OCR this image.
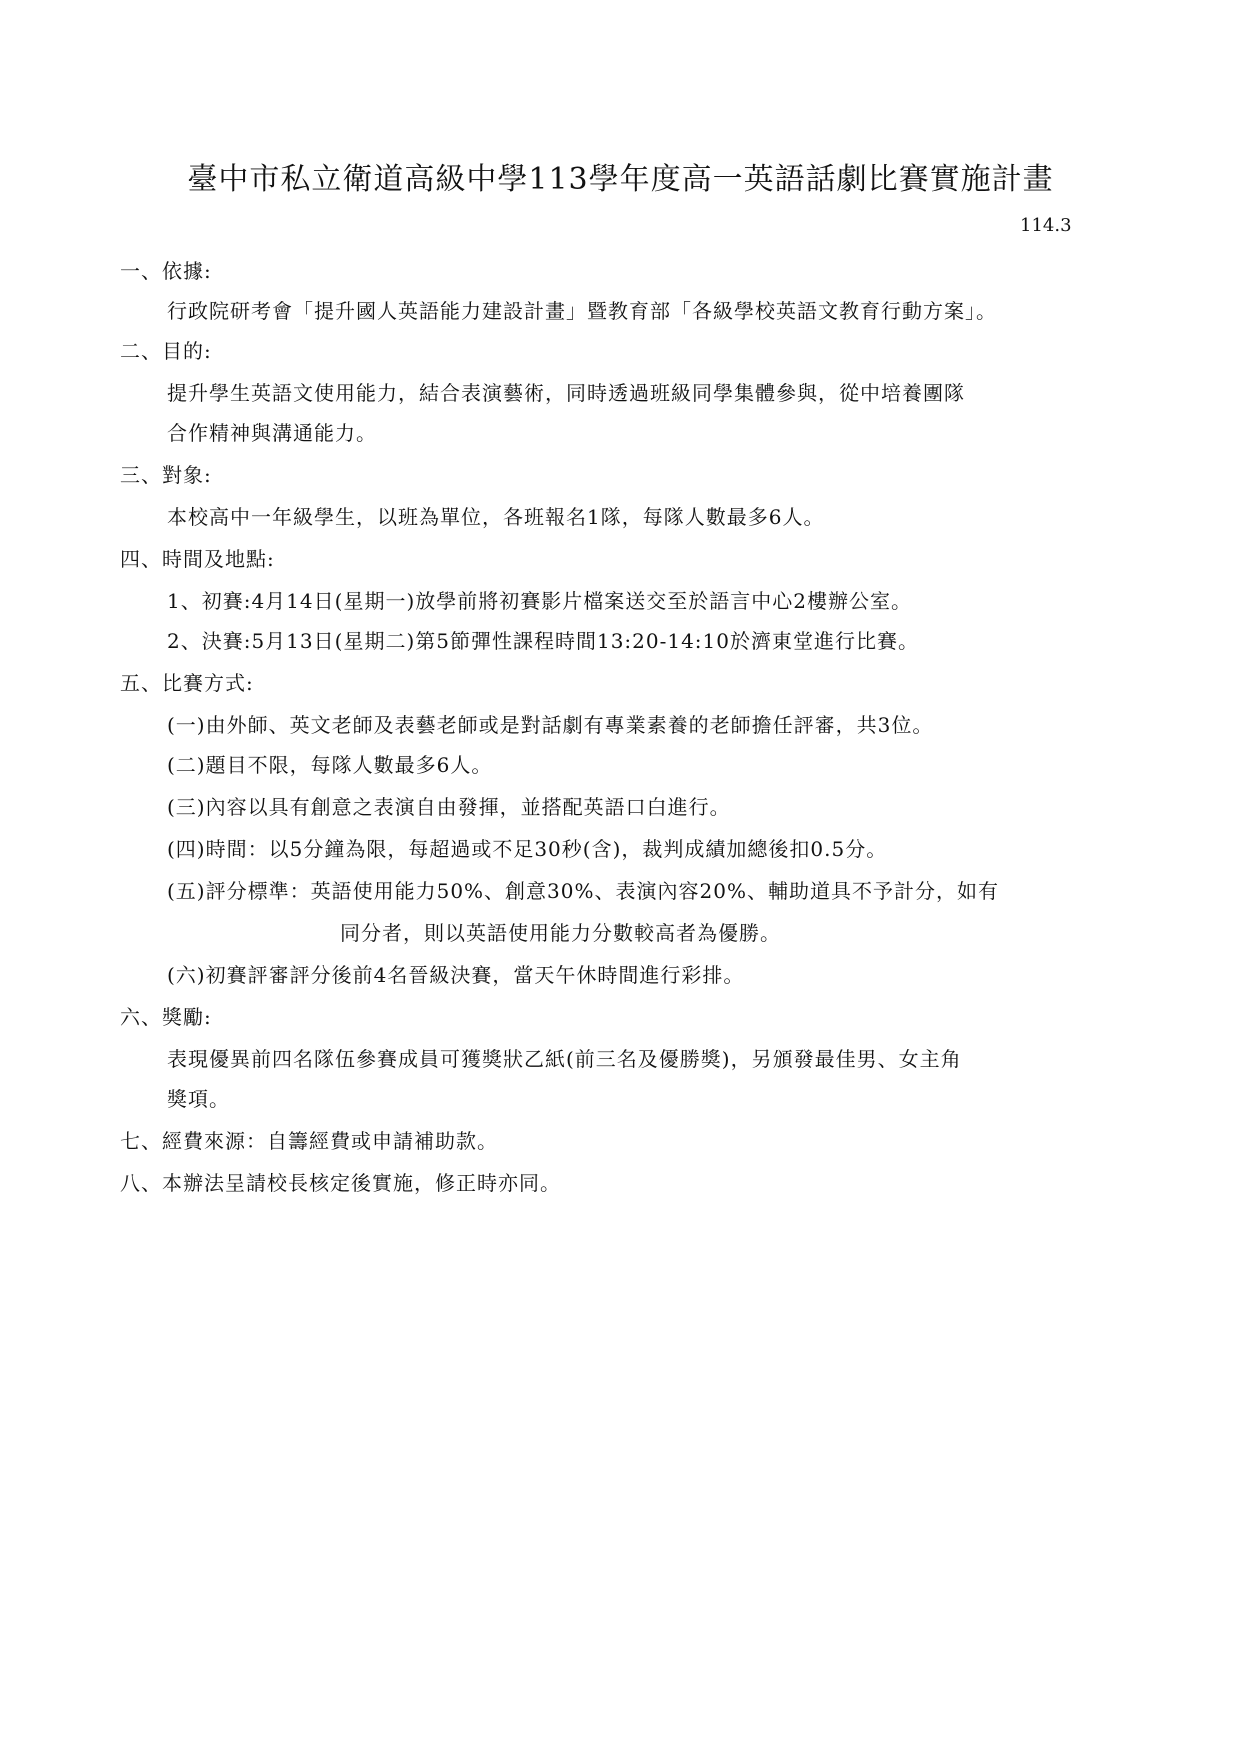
臺中市私立衛道高級中學113學年度高一英語話劇比賽實施計畫
114.3
一、依據:
行政院研考會「提升國人英語能力建設計畫」暨教育部「各級學校英語文教育行動方案」。
二、目的:
提升學生英語文使用能力，結合表演藝術，同時透過班級同學集體參與，從中培養團隊
合作精神與溝通能力。
三、對象:
本校高中一年級學生，以班為單位，各班報名1隊，每隊人數最多6人。
四、時間及地點:
1、初賽:4月14日(星期一)放學前將初賽影片檔案送交至於語言中心2樓辦公室。
2、決賽:5月13日(星期二)第5節彈性課程時間13:20-14:10於濟東堂進行比賽。
五、比賽方式:
(一)由外師、英文老師及表藝老師或是對話劇有專業素養的老師擔任評審，共3位。
(二)題目不限，每隊人數最多6人。
(三)內容以具有創意之表演自由發揮，並搭配英語口白進行。
(四)時間：以5分鐘為限，每超過或不足30秒(含)，裁判成績加總後扣0.5分。
(五)評分標準：英語使用能力50%、創意30%、表演內容20%、輔助道具不予計分，如有
同分者，則以英語使用能力分數較高者為優勝。
(六)初賽評審評分後前4名晉級決賽，當天午休時間進行彩排。
六、獎勵:
表現優異前四名隊伍參賽成員可獲獎狀乙紙(前三名及優勝獎)，另頒發最佳男、女主角
獎項。
七、經費來源：自籌經費或申請補助款。
八、本辦法呈請校長核定後實施，修正時亦同。
